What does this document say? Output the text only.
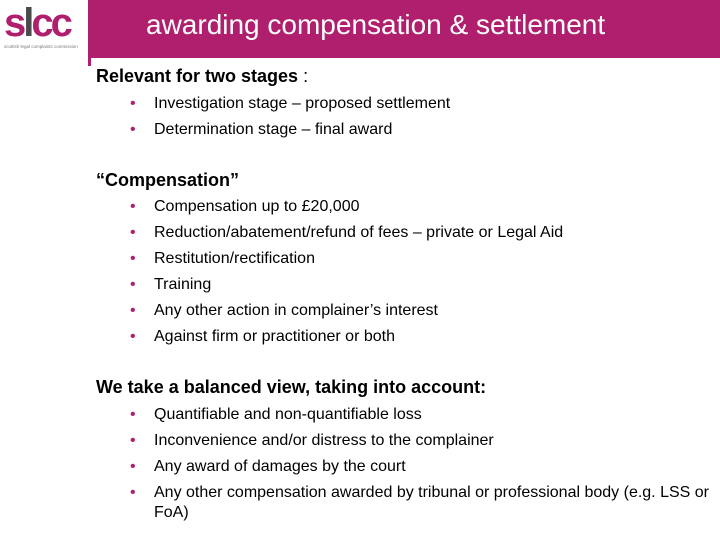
slcc
scottish legal complaints commission
awarding compensation & settlement
Relevant for two stages :
• Investigation stage – proposed settlement
• Determination stage – final award
“Compensation”
• Compensation up to £20,000
• Reduction/abatement/refund of fees – private or Legal Aid
• Restitution/rectification
• Training
• Any other action in complainer’s interest
• Against firm or practitioner or both
We take a balanced view, taking into account:
• Quantifiable and non-quantifiable loss
• Inconvenience and/or distress to the complainer
• Any award of damages by the court
• Any other compensation awarded by tribunal or professional body (e.g. LSS or FoA)
